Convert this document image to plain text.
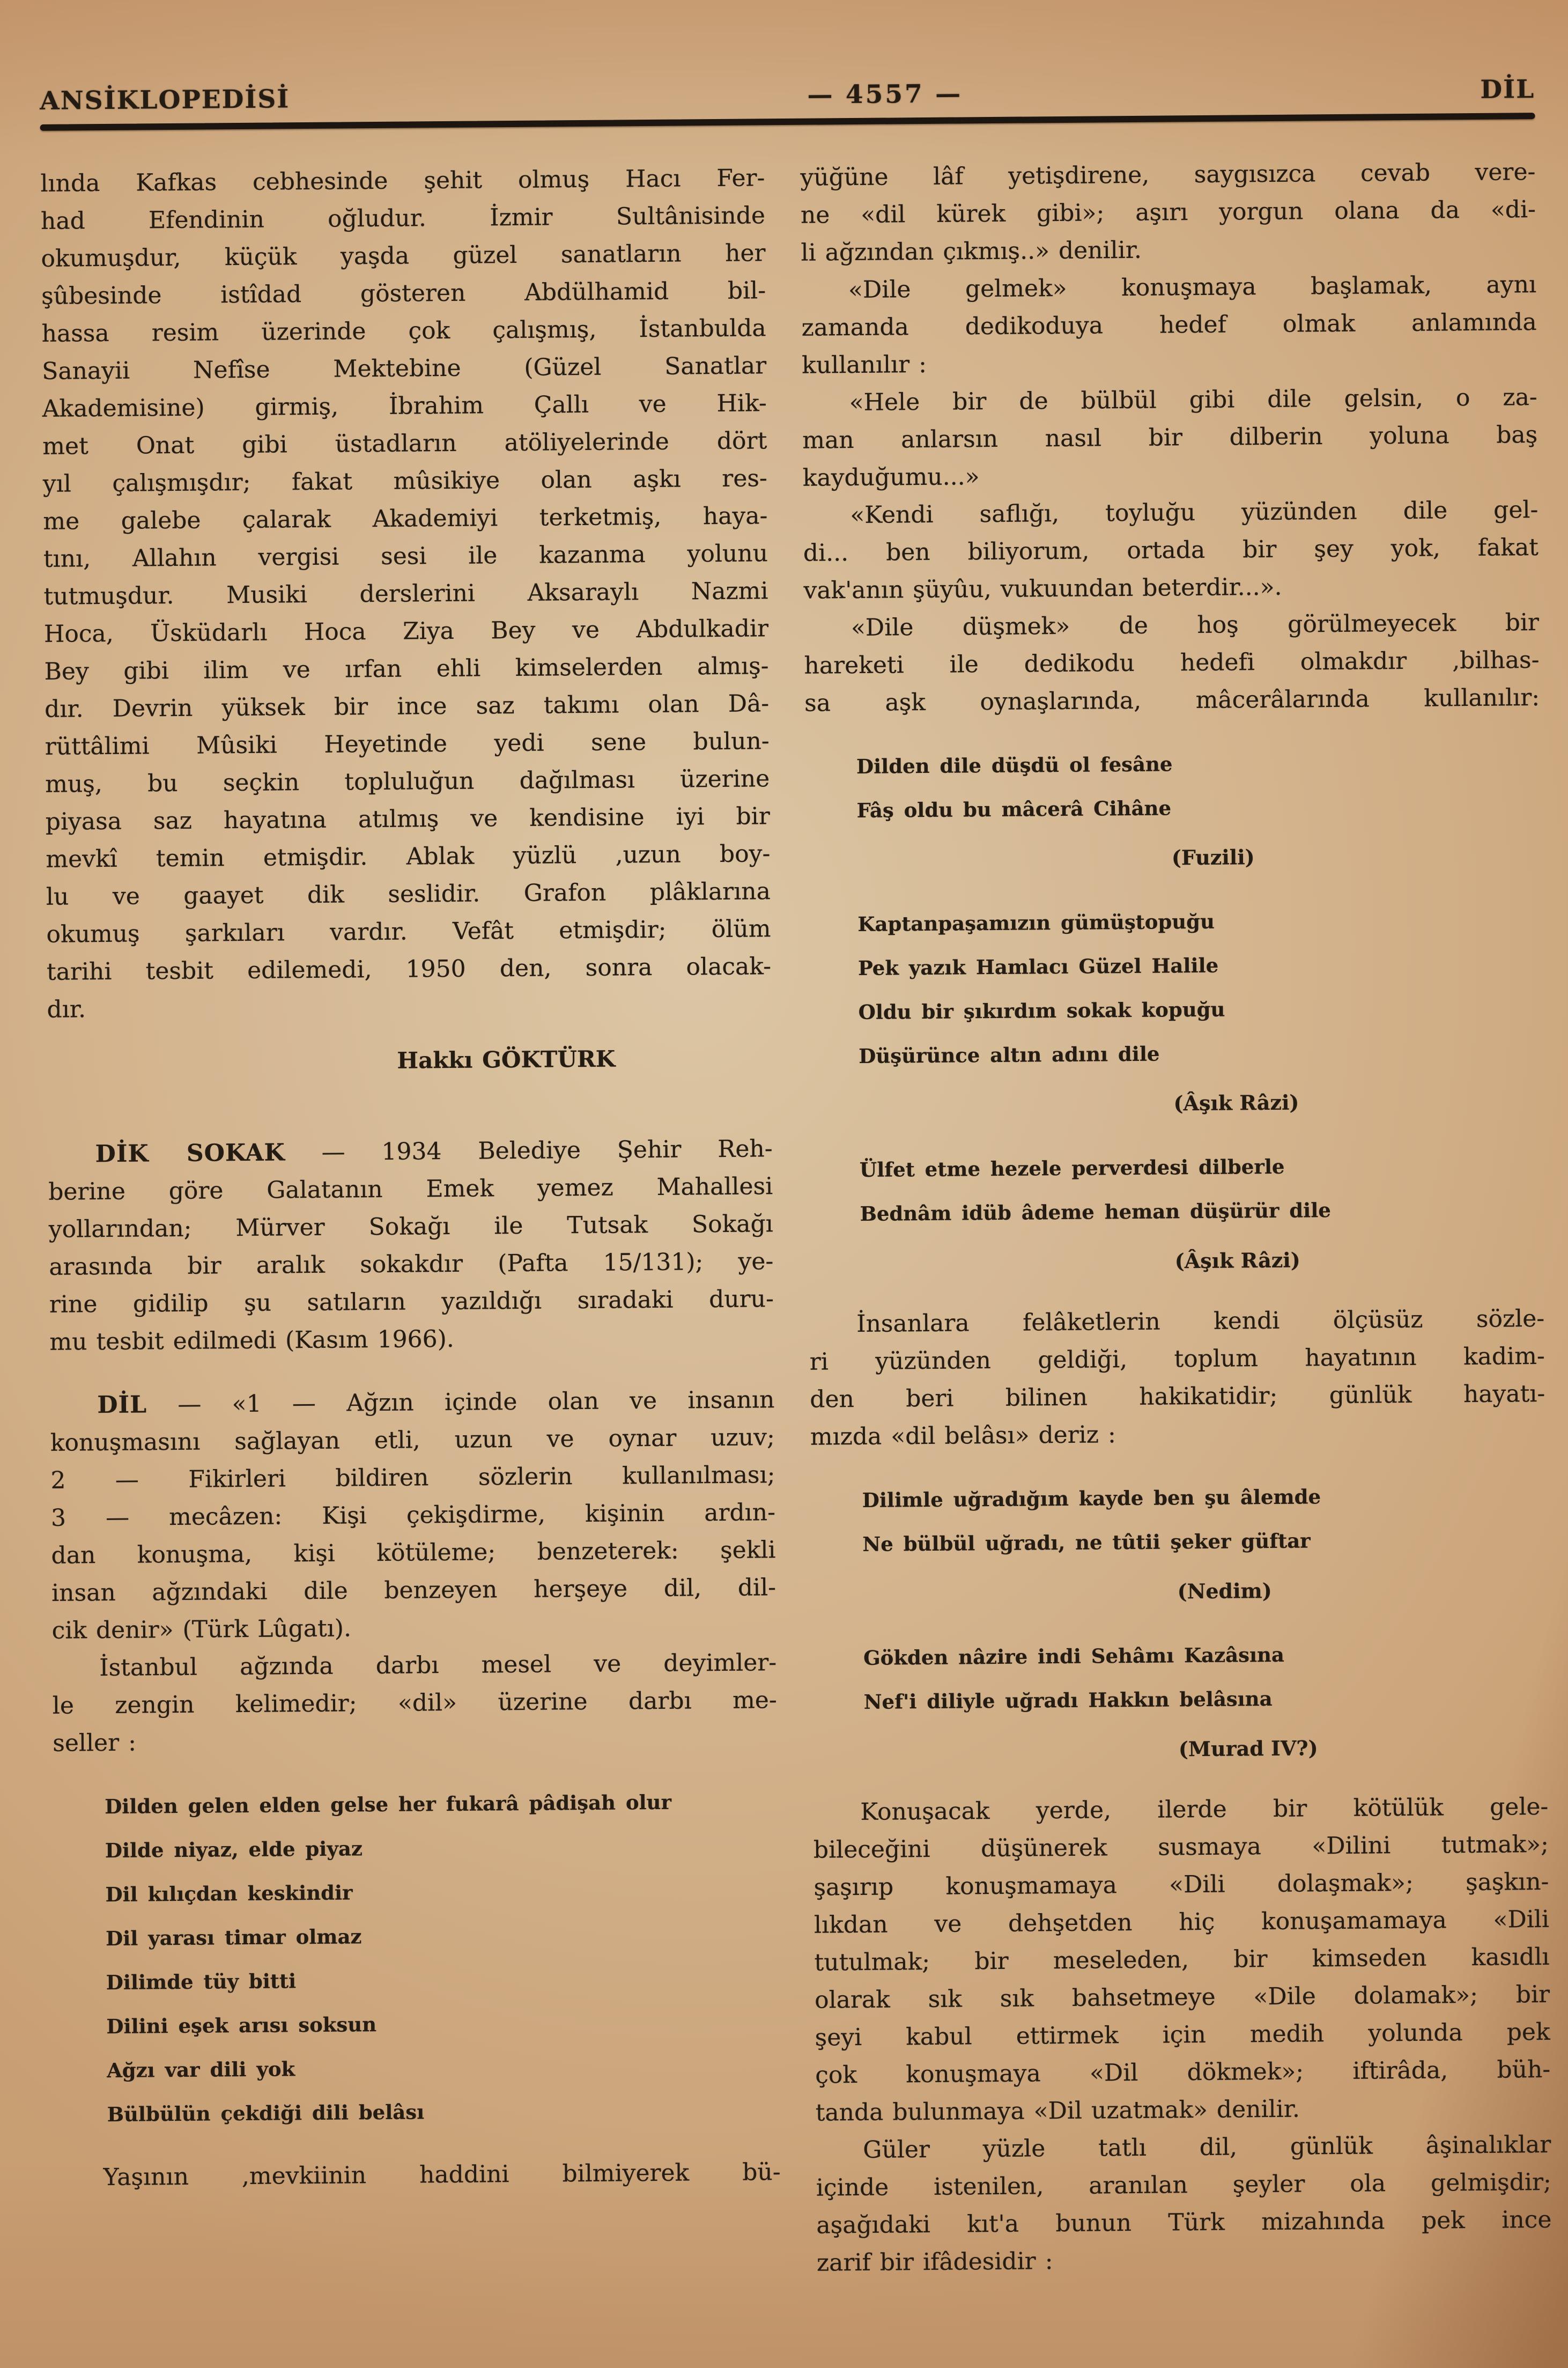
ANSİKLOPEDİSİ	— 4557 —	DİL
lında Kafkas cebhesinde şehit olmuş Hacı Fer-
had Efendinin oğludur. İzmir Sultânisinde
okumuşdur, küçük yaşda güzel sanatların her
şûbesinde istîdad gösteren Abdülhamid bil-
hassa resim üzerinde çok çalışmış, İstanbulda
Sanayii Nefîse Mektebine (Güzel Sanatlar
Akademisine) girmiş, İbrahim Çallı ve Hik-
met Onat gibi üstadların atöliyelerinde dört
yıl çalışmışdır; fakat mûsikiye olan aşkı res-
me galebe çalarak Akademiyi terketmiş, haya-
tını, Allahın vergisi sesi ile kazanma yolunu
tutmuşdur. Musiki derslerini Aksaraylı Nazmi
Hoca, Üsküdarlı Hoca Ziya Bey ve Abdulkadir
Bey gibi ilim ve ırfan ehli kimselerden almış-
dır. Devrin yüksek bir ince saz takımı olan Dâ-
rüttâlimi Mûsiki Heyetinde yedi sene bulun-
muş, bu seçkin topluluğun dağılması üzerine
piyasa saz hayatına atılmış ve kendisine iyi bir
mevkî temin etmişdir. Ablak yüzlü ,uzun boy-
lu ve gaayet dik seslidir. Grafon plâklarına
okumuş şarkıları vardır. Vefât etmişdir; ölüm
tarihi tesbit edilemedi, 1950 den, sonra olacak-
dır.
Hakkı GÖKTÜRK
DİK SOKAK — 1934 Belediye Şehir Reh-
berine göre Galatanın Emek yemez Mahallesi
yollarından; Mürver Sokağı ile Tutsak Sokağı
arasında bir aralık sokakdır (Pafta 15/131); ye-
rine gidilip şu satıların yazıldığı sıradaki duru-
mu tesbit edilmedi (Kasım 1966).
DİL — «1 — Ağzın içinde olan ve insanın
konuşmasını sağlayan etli, uzun ve oynar uzuv;
2 — Fikirleri bildiren sözlerin kullanılması;
3 — mecâzen: Kişi çekişdirme, kişinin ardın-
dan konuşma, kişi kötüleme; benzeterek: şekli
insan ağzındaki dile benzeyen herşeye dil, dil-
cik denir» (Türk Lûgatı).
İstanbul ağzında darbı mesel ve deyimler-
le zengin kelimedir; «dil» üzerine darbı me-
seller :
Dilden gelen elden gelse her fukarâ pâdişah olur
Dilde niyaz, elde piyaz
Dil kılıçdan keskindir
Dil yarası timar olmaz
Dilimde tüy bitti
Dilini eşek arısı soksun
Ağzı var dili yok
Bülbülün çekdiği dili belâsı
Yaşının ,mevkiinin haddini bilmiyerek bü-
yüğüne lâf yetişdirene, saygısızca cevab vere-
ne «dil kürek gibi»; aşırı yorgun olana da «di-
li ağzından çıkmış..» denilir.
«Dile gelmek» konuşmaya başlamak, aynı
zamanda dedikoduya hedef olmak anlamında
kullanılır :
«Hele bir de bülbül gibi dile gelsin, o za-
man anlarsın nasıl bir dilberin yoluna baş
kayduğumu...»
«Kendi saflığı, toyluğu yüzünden dile gel-
di... ben biliyorum, ortada bir şey yok, fakat
vak'anın şüyûu, vukuundan beterdir...».
«Dile düşmek» de hoş görülmeyecek bir
hareketi ile dedikodu hedefi olmakdır ,bilhas-
sa aşk oynaşlarında, mâcerâlarında kullanılır:
Dilden dile düşdü ol fesâne
Fâş oldu bu mâcerâ Cihâne
(Fuzili)
Kaptanpaşamızın gümüştopuğu
Pek yazık Hamlacı Güzel Halile
Oldu bir şıkırdım sokak kopuğu
Düşürünce altın adını dile
(Âşık Râzi)
Ülfet etme hezele perverdesi dilberle
Bednâm idüb âdeme heman düşürür dile
(Âşık Râzi)
İnsanlara felâketlerin kendi ölçüsüz sözle-
ri yüzünden geldiği, toplum hayatının kadim-
den beri bilinen hakikatidir; günlük hayatı-
mızda «dil belâsı» deriz :
Dilimle uğradığım kayde ben şu âlemde
Ne bülbül uğradı, ne tûtii şeker güftar
(Nedim)
Gökden nâzire indi Sehâmı Kazâsına
Nef'i diliyle uğradı Hakkın belâsına
(Murad IV?)
Konuşacak yerde, ilerde bir kötülük gele-
bileceğini düşünerek susmaya «Dilini tutmak»;
şaşırıp konuşmamaya «Dili dolaşmak»; şaşkın-
lıkdan ve dehşetden hiç konuşamamaya «Dili
tutulmak; bir meseleden, bir kimseden kasıdlı
olarak sık sık bahsetmeye «Dile dolamak»; bir
şeyi kabul ettirmek için medih yolunda pek
çok konuşmaya «Dil dökmek»; iftirâda, büh-
tanda bulunmaya «Dil uzatmak» denilir.
Güler yüzle tatlı dil, günlük âşinalıklar
içinde istenilen, aranılan şeyler ola gelmişdir;
aşağıdaki kıt'a bunun Türk mizahında pek ince
zarif bir ifâdesidir :
